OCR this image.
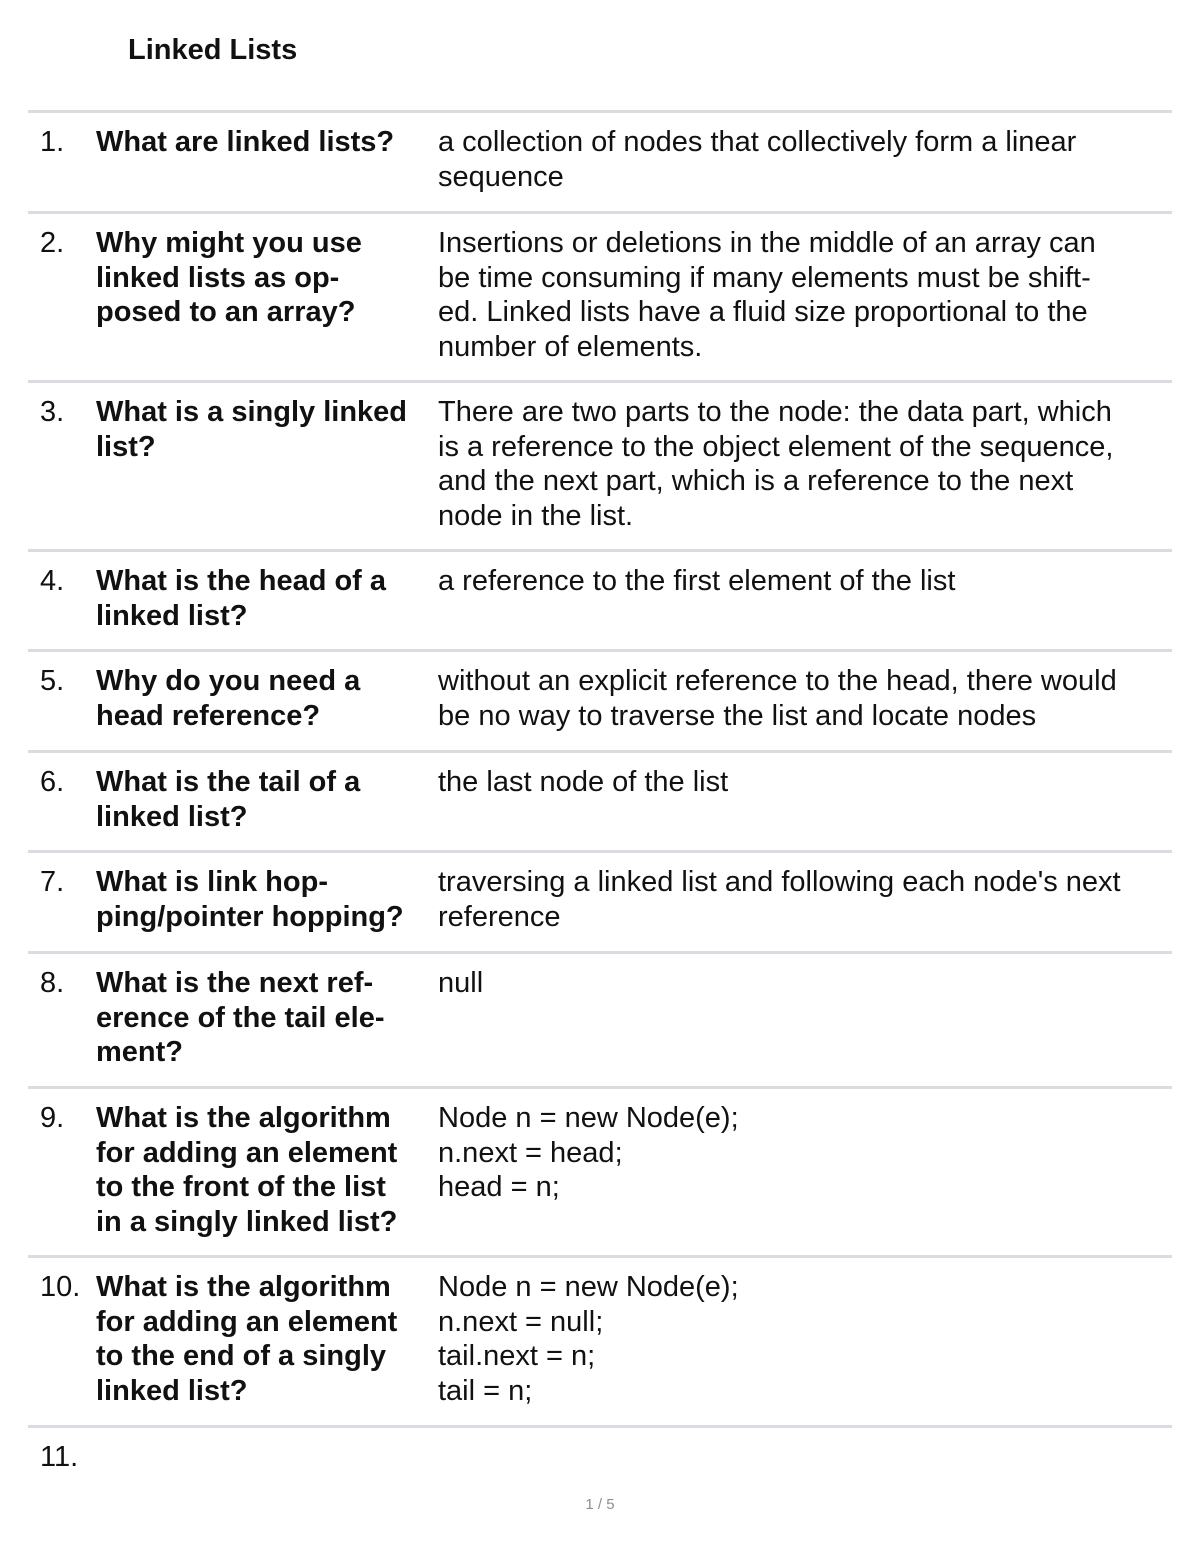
Linked Lists
1. What are linked lists?	a collection of nodes that collectively form a linear
sequence
2. Why might you use
linked lists as op-
posed to an array?
Insertions or deletions in the middle of an array can
be time consuming if many elements must be shift-
ed. Linked lists have a fluid size proportional to the
number of elements.
3. What is a singly linked
list?
There are two parts to the node: the data part, which
is a reference to the object element of the sequence,
and the next part, which is a reference to the next
node in the list.
4. What is the head of a
linked list?
a reference to the first element of the list
5. Why do you need a
head reference?
without an explicit reference to the head, there would
be no way to traverse the list and locate nodes
6. What is the tail of a
linked list?
the last node of the list
7. What is link hop-
ping/pointer hopping?
traversing a linked list and following each node's next
reference
8. What is the next ref-
erence of the tail ele-
ment?
null
9. What is the algorithm
for adding an element
to the front of the list
in a singly linked list?
Node n = new Node(e);
n.next = head;
head = n;
10. What is the algorithm
for adding an element
to the end of a singly
linked list?
Node n = new Node(e);
n.next = null;
tail.next = n;
tail = n;
11.
1 / 5
